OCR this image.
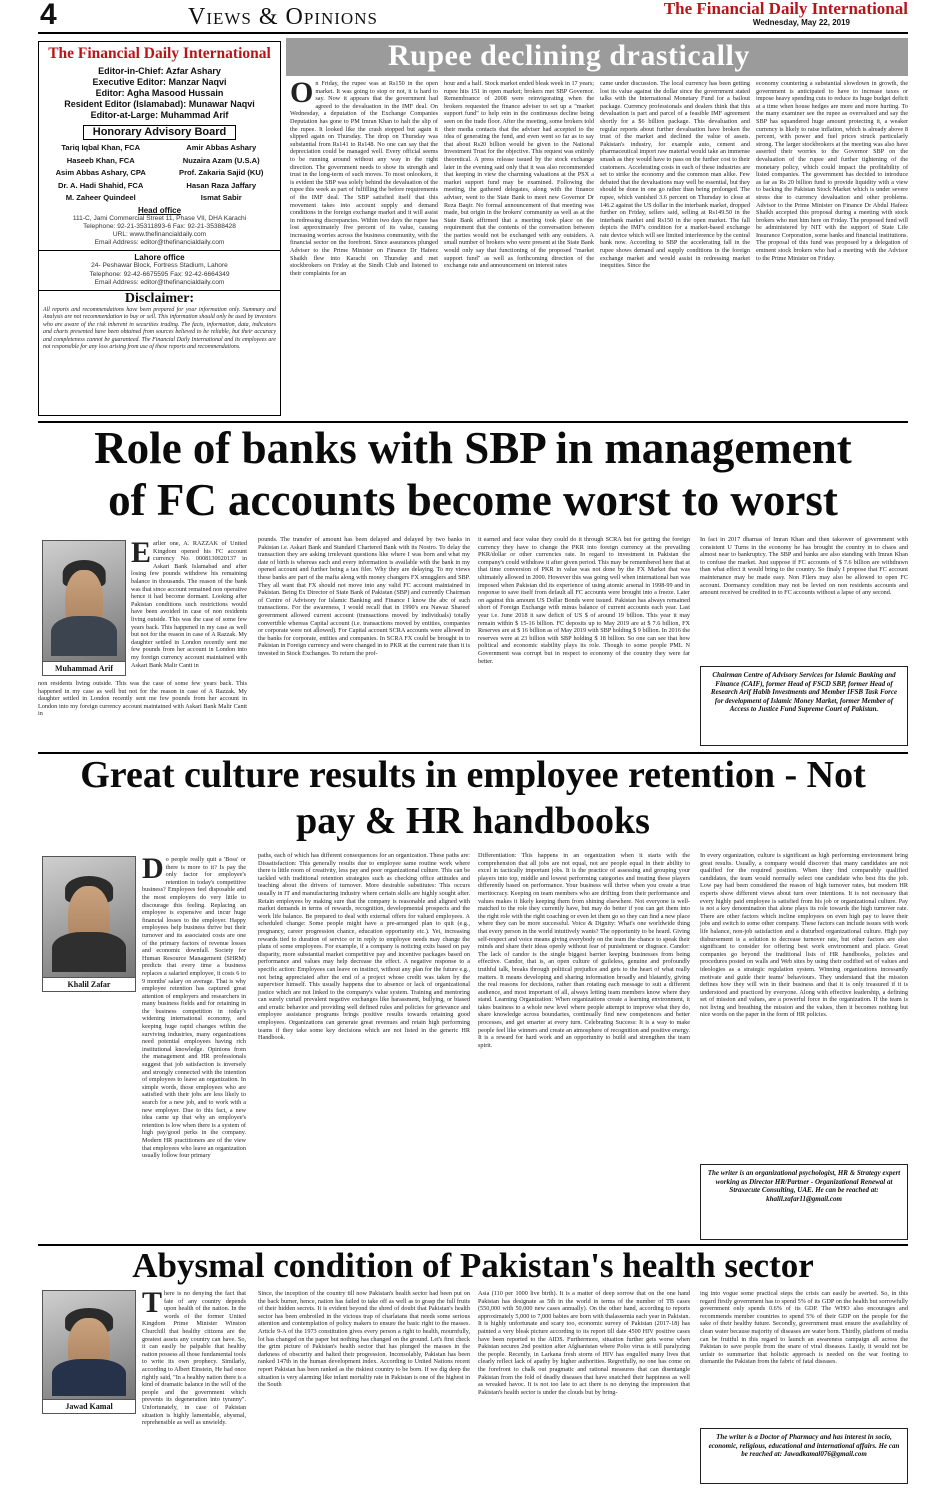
4	Views & Opinions	The Financial Daily International
Wednesday, May 22, 2019
The Financial Daily International
Editor-in-Chief: Azfar Ashary
Executive Editor: Manzar Naqvi
Editor: Agha Masood Hussain
Resident Editor (Islamabad): Munawar Naqvi
Editor-at-Large: Muhammad Arif
Honorary Advisory Board
Tariq Iqbal Khan, FCA
Haseeb Khan, FCA
Asim Abbas Ashary, CPA
Dr. A. Hadi Shahid, FCA
M. Zaheer Quindeel
Amir Abbas Ashary
Nuzaira Azam (U.S.A)
Prof. Zakaria Sajid (KU)
Hasan Raza Jaffary
Ismat Sabir
Head office
111-C, Jami Commercial Street 11, Phase VII, DHA Karachi
Telephone: 92-21-35311893-6 Fax: 92-21-35388428
URL: www.thefinancialdaily.com
Email Address: editor@thefinancialdaily.com
Lahore office
24- Peshawar Block, Fortress Stadium, Lahore
Telephone: 92-42-6675595 Fax: 92-42-6664349
Email Address: editor@thefinancialdaily.com
Disclaimer:
All reports and recommendations have been prepared for your information only. Summary and Analysis are not recommendation to buy or sell. This information should only be used by investors who are aware of the risk inherent in securities trading. The facts, information, data, indicators and charts presented have been obtained from sources believed to be reliable, but their accuracy and completeness cannot be guaranteed. The Financial Daily International and its employees are not responsible for any loss arising from use of these reports and recommendations.
Rupee declining drastically
On Friday, the rupee was at Rs150 in the open market. It was going to stop or not, it is hard to say. Now it appears that the government had agreed to the devaluation in the IMF deal. On Wednesday, a deputation of the Exchange Companies Deputation has gone to PM Imran Khan to halt the slip of the rupee. It looked like the crash stopped but again it slipped again on Thursday. The drop on Thursday was substantial from Rs141 to Rs148. No one can say that the depreciation could be managed well. Every official seems to be running around without any way in the right direction. The government needs to show its strength and trust in the long-term of such moves. To most onlookers, it is evident the SBP was solely behind the devaluation of the rupee this week as part of fulfilling the before requirements of the IMF deal. The SBP satisfied itself that this movement takes into account supply and demand conditions in the foreign exchange market and it will assist in redressing discrepancies. Within two days the rupee has lost approximately five percent of its value, causing increasing worries across the business community, with the financial sector on the forefront. Since assurances plunged Adviser to the Prime Minister on Finance Dr Hafeez Shaikh flew into Karachi on Thursday and met stockbrokers on Friday at the Sindh Club and listened to their complaints for an
hour and a half. Stock market ended bleak week in 17 years; rupee hits 151 in open market; brokers met SBP Governor. Remembrance of 2008 were reinvigorating when the brokers requested the finance adviser to set up a "market support fund" to help rein in the continuous decline being seen on the trade floor. After the meeting, some brokers told their media contacts that the adviser had accepted to the idea of generating the fund, and even went so far as to say that about Rs20 billion would be given to the National Investment Trust for the objective. This request was entirely theoretical. A press release issued by the stock exchange later in the evening said only that it was also recommended that keeping in view the charming valuations at the PSX a market support fund may be examined. Following the meeting, the gathered delegates, along with the finance adviser, went to the State Bank to meet new Governor Dr Reza Baqir. No formal announcement of that meeting was made, but origin in the brokers' community as well as at the State Bank affirmed that a meeting took place on the requirement that the contents of the conversation between the parties would not be exchanged with any outsiders. A small number of brokers who were present at the State Bank would only say that functioning of the proposed "market support fund" as well as forthcoming direction of the exchange rate and announcement on interest rates
came under discussion. The local currency has been getting lost its value against the dollar since the government stated talks with the International Monetary Fund for a bailout package. Currency professionals and dealers think that this devaluation is part and parcel of a feasible IMF agreement shortly for a $6 billion package. This devaluation and regular reports about further devaluation have broken the trust of the market and declined the value of assets. Pakistan's industry, for example auto, cement and pharmaceutical import raw material would take an immense smash as they would have to pass on the further cost to their customers. Accelerating costs in each of these industries are set to strike the economy and the common man alike. Few debated that the devaluations may well be essential, but they should be done in one go rather than being prolonged. The rupee, which vanished 3.6 percent on Thursday to close at 146.2 against the US dollar in the interbank market, dropped further on Friday, sellers said, selling at Rs149.50 in the interbank market and Rs150 in the open market. The fall depicts the IMF's condition for a market-based exchange rate device which will see limited interference by the central bank now. According to SBP the accelerating fall in the rupee shows demand and supply conditions in the foreign exchange market and would assist in redressing market inequities. Since the
economy countering a substantial slowdown in growth, the government is anticipated to have to increase taxes or impose heavy spending cuts to reduce its huge budget deficit at a time when house hedges are more and more hurting. To the many examiner see the rupee as overvalued and say the SBP has squandered huge amount protecting it, a weaker currency is likely to raise inflation, which is already above 8 percent, with power and fuel prices struck particularly strong. The larger stockbrokers at the meeting was also have asserted their worries to the Governor SBP on the devaluation of the rupee and further tightening of the monetary policy, which could impact the profitability of listed companies. The government has decided to introduce as far as Rs 20 billion fund to provide liquidity with a view to backing the Pakistan Stock Market which is under severe stress due to currency devaluation and other problems. Advisor to the Prime Minister on Finance Dr Abdul Hafeez Shaikh accepted this proposal during a meeting with stock brokers who met him here on Friday. The proposed fund will be administered by NIT with the support of State Life Insurance Corporation, some banks and financial institutions. The proposal of this fund was proposed by a delegation of eminent stock brokers who had a meeting with the Advisor to the Prime Minister on Friday.
Role of banks with SBP in management
of FC accounts become worst to worst
Muhammad Arif
Earlier one, A. RAZZAK of United Kingdom opened his FC account currency No. 0008130020137 in Askari Bank Islamabad and after losing few pounds withdrew his remaining balance in thousands. The reason of the bank was that since account remained non operative hence it had become dormant. Looking after Pakistan conditions such restrictions would have been avoided in case of non residents living outside. This was the case of some few years back. This happened in my case as well but not for the reason in case of A Razzak. My daughter settled in London recently sent me few pounds from her account in London into my foreign currency account maintained with Askari Bank Malir Cantt in
non residents living outside. This was the case of some few years back. This happened in my case as well but not for the reason in case of A Razzak. My daughter settled in London recently sent me few pounds from her account in London into my foreign currency account maintained with Askari Bank Malir Cantt in
pounds. The transfer of amount has been delayed and delayed by two banks in Pakistan i.e. Askari Bank and Standard Chartered Bank with its Nostro. To delay the transaction they are asking irrelevant questions like where I was born and what my date of birth is whereas each and every information is available with the bank in my opened account and further being a tax filer. Why they are delaying. To my views these banks are part of the mafia along with money changers FX smugglers and SBP. They all want that FX should not move into any valid FC account maintained in Pakistan. Being Ex Director of State Bank of Pakistan (SBP) and currently Chairman of Centre of Advisory for Islamic Banking and Finance I know the abc of such transactions. For the awareness, I would recall that in 1990's era Nawaz Shareef government allowed current account (transactions moved by individuals) totally convertible whereas Capital account (i.e. transactions moved by entities, companies or corporate were not allowed). For Capital account SCRA accounts were allowed in the banks for corporate, entities and companies. In SCRA FX could be brought in to Pakistan in Foreign currency and were changed in to PKR at the current rate than it is invested in Stock Exchanges. To return the prof-
it earned and face value they could do it through SCRA but for getting the foreign currency they have to change the PKR into foreign currency at the prevailing PKR/dollar or other currencies rate. In regard to investment in Pakistan the company's could withdraw it after given period. This may be remembered here that at that time conversion of PKR in value was not done by the FX Market that was ultimately allowed in 2000. However this was going well when international ban was imposed when Pakistan did its experience of using atomic arsenal in 1998-99 and in response to save itself from default all FC accounts were brought into a freeze. Later on against this amount US Dollar Bonds were issued. Pakistan has always remained short of Foreign Exchange with minus balance of current accounts each year. Last year i.e. June 2018 it saw deficit of US $ of around 19 billion. This year it may remain within $ 15-16 billion. FC deposits up to May 2019 are at $ 7.6 billion, FX Reserves are at $ 16 billion as of May 2019 with SBP holding $ 9 billion. In 2016 the reserves were at 23 billion with SBP holding $ 18 billion. So one can see that how political and economic stability plays its role. Though to some people PML N Government was corrupt but in respect to economy of the country they were far better.
In fact in 2017 dharnas of Imran Khan and then takeover of government with consistent U Turns in the economy he has brought the country in to chaos and almost near to bankruptcy. The SBP and banks are also standing with Imran Khan to confuse the market. Just suppose if FC accounts of $ 7.6 billion are withdrawn than what effect it would bring to the country. So finaly I propose that FC account maintenance may be made easy. Non Filers may also be allowed to open FC account. Dormancy condition may not be levied on non residents accounts and amount received be credited in to FC accounts without a lapse of any second.
Chairman Centre of Advisory Services for Islamic Banking and Finance (CAIF), former Head of FSCD SBP, former Head of Research Arif Habib Investments and Member IFSB Task Force for development of Islamic Money Market, former Member of Access to Justice Fund Supreme Court of Pakistan.
Great culture results in employee retention - Not
pay & HR handbooks
Khalil Zafar
Do people really quit a 'Boss' or there is more to it? Is pay the only factor for employee's retention in today's competitive business? Employees feel disposable and the most employers do very little to discourage this feeling. Replacing an employee is expensive and incur huge financial losses to the employer. Happy employees help business thrive but their turnover and its associated costs are one of the primary factors of revenue losses and economic downfall. Society for Human Resource Management (SHRM) predicts that every time a business replaces a salaried employee, it costs 6 to 9 months' salary on average. That is why employee retention has captured great attention of employers and researchers in many business fields and for retaining in the business competition in today's widening international economy, and keeping huge rapid changes within the surviving industries, many organizations need potential employees having rich institutional knowledge. Opinions from the management and HR professionals suggest that job satisfaction is inversely and strongly connected with the intention of employees to leave an organization. In simple words, those employees who are satisfied with their jobs are less likely to search for a new job, and to work with a new employer. Due to this fact, a new idea came up that why an employee's retention is low when there is a system of high pay/good perks in the company. Modern HR practitioners are of the view that employees who leave an organization usually follow four primary
paths, each of which has different consequences for an organization. These paths are: Dissatisfaction: This generally results due to employee same routine work where there is little room of creativity, less pay and poor organizational culture. This can be tackled with traditional retention strategies such as checking office attitudes and teaching about the drivers of turnover. More desirable substitutes: This occurs usually in IT and manufacturing industry where certain skills are highly sought after. Retain employees by making sure that the company is reasonable and aligned with market demands in terms of rewards, recognition, developmental prospects and the work life balance. Be prepared to deal with external offers for valued employees. A scheduled change: Some people might have a pre-arranged plan to quit (e.g., pregnancy, career progression chance, education opportunity etc.). Yet, increasing rewards tied to duration of service or in reply to employee needs may change the plans of some employees. For example, if a company is noticing exits based on pay disparity, more substantial market competitive pay and incentive packages based on performance and values may help decrease the effect. A negative response to a specific action: Employees can leave on instinct, without any plan for the future e.g., not being appreciated after the end of a project whose credit was taken by the supervisor himself. This usually happens due to absence or lack of organizational justice which are not linked to the company's value system. Training and mentoring can surely curtail prevalent negative exchanges like harassment, bullying, or biased and erratic behavior and providing well defined rules and policies for grievance and employee assistance programs brings positive results towards retaining good employees. Organizations can generate great revenues and retain high performing teams if they take some key decisions which are not listed in the generic HR Handbook.
Differentiation: This happens in an organization when it starts with the comprehension that all jobs are not equal, not are people equal in their ability to excel in tactically important jobs. It is the practice of assessing and grouping your players into top, middle and lowest performing categories and treating these players differently based on performance. Your business will thrive when you create a true meritocracy. Keeping on team members who are drifting from their performance and values makes it likely keeping them from shining elsewhere. Not everyone is well-matched to the role they currently have, but may do better if you can get them into the right role with the right coaching or even let them go so they can find a new place where they can be more successful. Voice & Dignity: What's one worldwide thing that every person in the world intuitively wants? The opportunity to be heard. Giving self-respect and voice means giving everybody on the team the chance to speak their minds and share their ideas openly without fear of punishment or disgrace. Candor: The lack of candor is the single biggest barrier keeping businesses from being effective. Candor, that is, an open culture of guileless, genuine and profoundly truthful talk, breaks through political prejudice and gets to the heart of what really matters. It means developing and sharing information broadly and blatantly, giving the real reasons for decisions, rather than rotating each message to suit a different audience, and most important of all, always letting team members know where they stand. Learning Organization: When organizations create a learning environment, it takes business to a whole new level where people attempt to improve what they do, share knowledge across boundaries, continually find new competences and better processes, and get smarter at every turn. Celebrating Success: It is a way to make people feel like winners and create an atmosphere of recognition and positive energy. It is a reward for hard work and an opportunity to build and strengthen the team spirit.
In every organization, culture is significant as high performing environment bring great results. Usually, a company would discover that many candidates are not qualified for the required position. When they find comparably qualified candidates, the team would normally select one candidate who best fits the job. Low pay had been considered the reason of high turnover rates, but modern HR experts show different views about turn over intentions. It is not necessary that every highly paid employee is satisfied from his job or organizational culture. Pay is not a key denomination that alone plays its role towards the high turnover rate. There are other factors which incline employees on even high pay to leave their jobs and switch to some other company. These factors can include issues with work life balance, non-job satisfaction and a disturbed organizational culture. High pay disbursement is a solution to decrease turnover rate, but other factors are also significant to consider for offering best work environment and place. Great companies go beyond the traditional lists of HR handbooks, policies and procedures posted on walls and Web sites by using their codified set of values and ideologies as a strategic regulation system. Winning organizations incessantly motivate and guide their teams' behaviours. They understand that the mission defines how they will win in their business and that it is only treasured if it is understood and practiced by everyone. Along with effective leadership, a defining set of mission and values, are a powerful force in the organization. If the team is not living and breathing the mission and the values, then it becomes nothing but nice words on the paper in the form of HR policies.
The writer is an organizational psychologist, HR & Strategy expert working as Director HR/Partner - Organizational Renewal at Straxecute Consulting, UAE. He can be reached at: khalil.zafar11@gmail.com
Abysmal condition of Pakistan's health sector
Jawad Kamal
There is no denying the fact that fate of any country depends upon health of the nation. In the words of the former United Kingdom Prime Minister Winston Churchill that healthy citizens are the greatest assets any country can have. So, it can easily be palpable that healthy nation possess all those fundamental tools to write its own prophecy. Similarly, according to Albert Einstein, He had once rightly said, "In a healthy nation there is a kind of dramatic balance in the will of the people and the government which prevents its degeneration into tyranny". Unfortunately, in case of Pakistan situation is highly lamentable, abysmal, reprehensible as well as unwieldy.
Since, the inception of the country till now Pakistan's health sector had been put on the back burner, hence, nation has failed to take off as well as to grasp the full fruits of their hidden secrets. It is evident beyond the shred of doubt that Pakistan's health sector has been embroiled in the vicious trap of charlatans that needs some serious attention and contemplation of policy makers to ensure the basic right to the masses. Article 9-A of the 1973 constitution gives every person a right to health, mournfully, lot has changed on the paper but nothing has changed on the ground. Let's first check the grim picture of Pakistan's health sector that has plunged the masses in the darkness of obscurity and halted their progression. Inconsolably, Pakistan has been ranked 147th in the human development index. According to United Nations recent report Pakistan has been ranked as the riskiest country to be born. If we dig deep the situation is very alarming like infant mortality rate in Pakistan is one of the highest in the South
Asia (110 per 1000 live birth). It is a matter of deep sorrow that on the one hand Pakistan has designate as 5th in the world in terms of the number of TB cases (550,000 with 50,000 new cases annually). On the other hand, according to reports approximately 5,000 to 7,000 babies are born with thalassemia each year in Pakistan. It is highly unfortunate and scary too, economic survey of Pakistan (2017-18) has painted a very bleak picture according to its report till date 4500 HIV positive cases have been reported to the AIDS. Furthermore, situation further gets worse when Pakistan secures 2nd position after Afghanistan where Polio virus is still paralyzing the people. Recently, in Larkana fresh storm of HIV has engulfed many lives that clearly reflect lack of apathy by higher authorities. Regretfully, no one has come on the forefront to chalk out pragmatic and rational measures that can disentangle Pakistan from the fold of deadly diseases that have snatched their happiness as well as wreaked havoc. It is not too late to act there is no denying the impression that Pakistan's health sector is under the clouds but by bring-
ing into vogue some practical steps the crisis can easily be averted. So, in this regard firstly government has to spend 5% of its GDP on the health but sorrowfully government only spends 0.6% of its GDP. The WHO also encourages and recommends member countries to spend 5% of their GDP on the people for the sake of their healthy future. Secondly, government must ensure the availability of clean water because majority of diseases are water born. Thirdly, platform of media can be fruitful in this regard to launch an awareness campaign all across the Pakistan to save people from the snare of viral diseases. Lastly, it would not be unfair to summarize that holistic approach is needed on the war footing to dismantle the Pakistan from the fabric of fatal diseases.
The writer is a Doctor of Pharmacy and has interest in socio, economic, religious, educational and international affairs. He can be reached at: Jawadkamal076@gmail.com
